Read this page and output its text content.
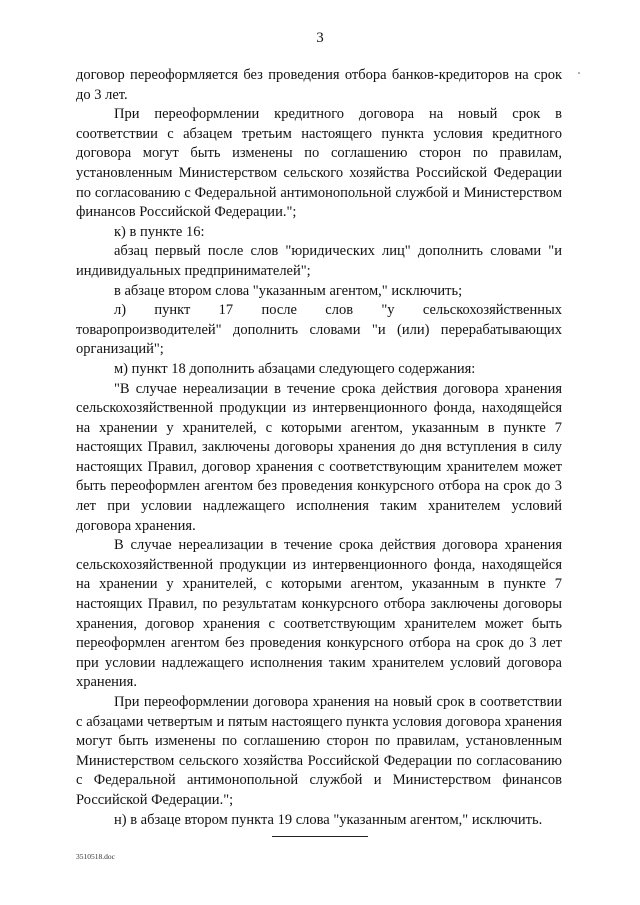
3

договор переоформляется без проведения отбора банков-кредиторов на срок до 3 лет.

При переоформлении кредитного договора на новый срок в соответствии с абзацем третьим настоящего пункта условия кредитного договора могут быть изменены по соглашению сторон по правилам, установленным Министерством сельского хозяйства Российской Федерации по согласованию с Федеральной антимонопольной службой и Министерством финансов Российской Федерации.";

к) в пункте 16:

абзац первый после слов "юридических лиц" дополнить словами "и индивидуальных предпринимателей";

в абзаце втором слова "указанным агентом," исключить;

л) пункт 17 после слов "у сельскохозяйственных товаропроизводителей" дополнить словами "и (или) перерабатывающих организаций";

м) пункт 18 дополнить абзацами следующего содержания:

"В случае нереализации в течение срока действия договора хранения сельскохозяйственной продукции из интервенционного фонда, находящейся на хранении у хранителей, с которыми агентом, указанным в пункте 7 настоящих Правил, заключены договоры хранения до дня вступления в силу настоящих Правил, договор хранения с соответствующим хранителем может быть переоформлен агентом без проведения конкурсного отбора на срок до 3 лет при условии надлежащего исполнения таким хранителем условий договора хранения.

В случае нереализации в течение срока действия договора хранения сельскохозяйственной продукции из интервенционного фонда, находящейся на хранении у хранителей, с которыми агентом, указанным в пункте 7 настоящих Правил, по результатам конкурсного отбора заключены договоры хранения, договор хранения с соответствующим хранителем может быть переоформлен агентом без проведения конкурсного отбора на срок до 3 лет при условии надлежащего исполнения таким хранителем условий договора хранения.

При переоформлении договора хранения на новый срок в соответствии с абзацами четвертым и пятым настоящего пункта условия договора хранения могут быть изменены по соглашению сторон по правилам, установленным Министерством сельского хозяйства Российской Федерации по согласованию с Федеральной антимонопольной службой и Министерством финансов Российской Федерации.";

н) в абзаце втором пункта 19 слова "указанным агентом," исключить.

3510518.doc
